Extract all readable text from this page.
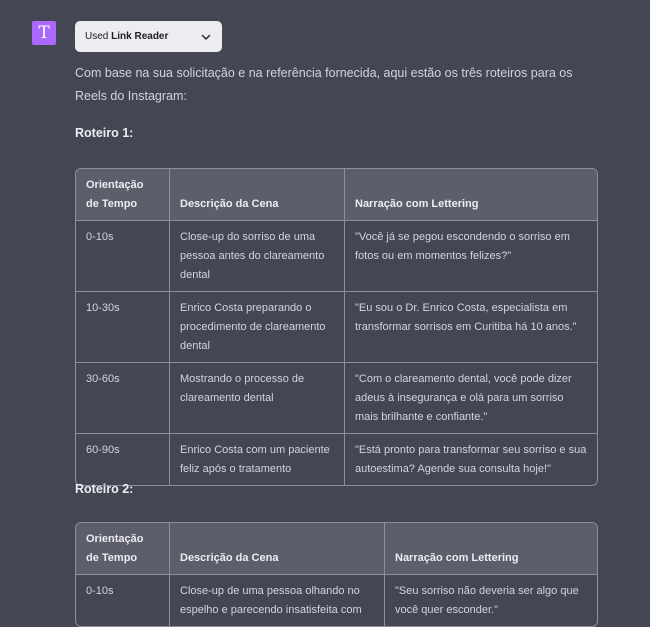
T	Used Link Reader

Com base na sua solicitação e na referência fornecida, aqui estão os três roteiros para os Reels do Instagram:

Roteiro 1:
Orientação de Tempo	Descrição da Cena	Narração com Lettering
0-10s	Close-up do sorriso de uma pessoa antes do clareamento dental	"Você já se pegou escondendo o sorriso em fotos ou em momentos felizes?"
10-30s	Enrico Costa preparando o procedimento de clareamento dental	"Eu sou o Dr. Enrico Costa, especialista em transformar sorrisos em Curitiba há 10 anos."
30-60s	Mostrando o processo de clareamento dental	"Com o clareamento dental, você pode dizer adeus à insegurança e olá para um sorriso mais brilhante e confiante."
60-90s	Enrico Costa com um paciente feliz após o tratamento	"Está pronto para transformar seu sorriso e sua autoestima? Agende sua consulta hoje!"
Roteiro 2:
Orientação de Tempo	Descrição da Cena	Narração com Lettering
0-10s	Close-up de uma pessoa olhando no espelho e parecendo insatisfeita com	"Seu sorriso não deveria ser algo que você quer esconder."
